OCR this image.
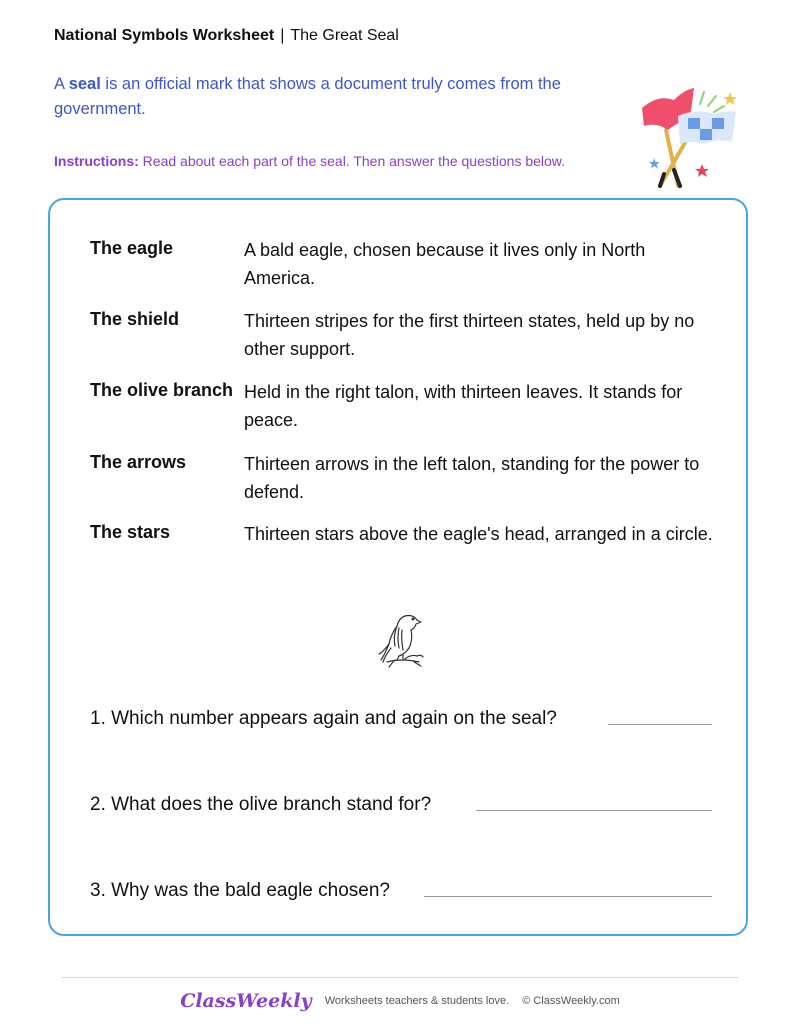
National Symbols Worksheet | The Great Seal
A seal is an official mark that shows a document truly comes from the government.
Instructions: Read about each part of the seal. Then answer the questions below.
The eagle	A bald eagle, chosen because it lives only in North America.
The shield	Thirteen stripes for the first thirteen states, held up by no other support.
The olive branch Held in the right talon, with thirteen leaves. It stands for peace.
The arrows	Thirteen arrows in the left talon, standing for the power to defend.
The stars	Thirteen stars above the eagle's head, arranged in a circle.
1. Which number appears again and again on the seal?
2. What does the olive branch stand for?
3. Why was the bald eagle chosen?
ClassWeekly Worksheets teachers & students love. © ClassWeekly.com
